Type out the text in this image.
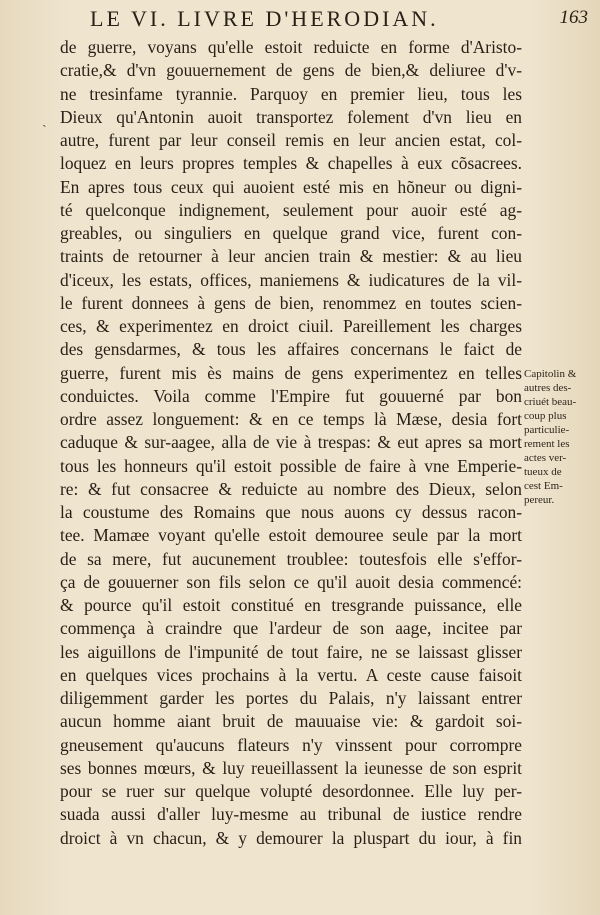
LE VI. LIVRE D'HERODIAN.	163
ˎ
de guerre, voyans qu'elle estoit reduicte en forme d'Aristo-
cratie,& d'vn gouuernement de gens de bien,& deliuree d'v-
ne tresinfame tyrannie. Parquoy en premier lieu, tous les
Dieux qu'Antonin auoit transportez folement d'vn lieu en
autre, furent par leur conseil remis en leur ancien estat, col-
loquez en leurs propres temples & chapelles à eux cõsacrees.
En apres tous ceux qui auoient esté mis en hõneur ou digni-
té quelconque indignement, seulement pour auoir esté ag-
greables, ou singuliers en quelque grand vice, furent con-
traints de retourner à leur ancien train & mestier: & au lieu
d'iceux, les estats, offices, maniemens & iudicatures de la vil-
le furent donnees à gens de bien, renommez en toutes scien-
ces, & experimentez en droict ciuil. Pareillement les charges
des gensdarmes, & tous les affaires concernans le faict de
guerre, furent mis ès mains de gens experimentez en telles
conduictes. Voila comme l'Empire fut gouuerné par bon
ordre assez longuement: & en ce temps là Mæse, desia fort
caduque & sur-aagee, alla de vie à trespas: & eut apres sa mort
tous les honneurs qu'il estoit possible de faire à vne Emperie-
re: & fut consacree & reduicte au nombre des Dieux, selon
la coustume des Romains que nous auons cy dessus racon-
tee. Mamæe voyant qu'elle estoit demouree seule par la mort
de sa mere, fut aucunement troublee: toutesfois elle s'effor-
ça de gouuerner son fils selon ce qu'il auoit desia commencé:
& pource qu'il estoit constitué en tresgrande puissance, elle
commença à craindre que l'ardeur de son aage, incitee par
les aiguillons de l'impunité de tout faire, ne se laissast glisser
en quelques vices prochains à la vertu. A ceste cause faisoit
diligemment garder les portes du Palais, n'y laissant entrer
aucun homme aiant bruit de mauuaise vie: & gardoit soi-
gneusement qu'aucuns flateurs n'y vinssent pour corrompre
ses bonnes mœurs, & luy reueillassent la ieunesse de son esprit
pour se ruer sur quelque volupté desordonnee. Elle luy per-
suada aussi d'aller luy-mesme au tribunal de iustice rendre
droict à vn chacun, & y demourer la pluspart du iour, à fin
Capitolin &
autres des-
criuét beau-
coup plus
particulie-
rement les
actes ver-
tueux de
cest Em-
pereur.
